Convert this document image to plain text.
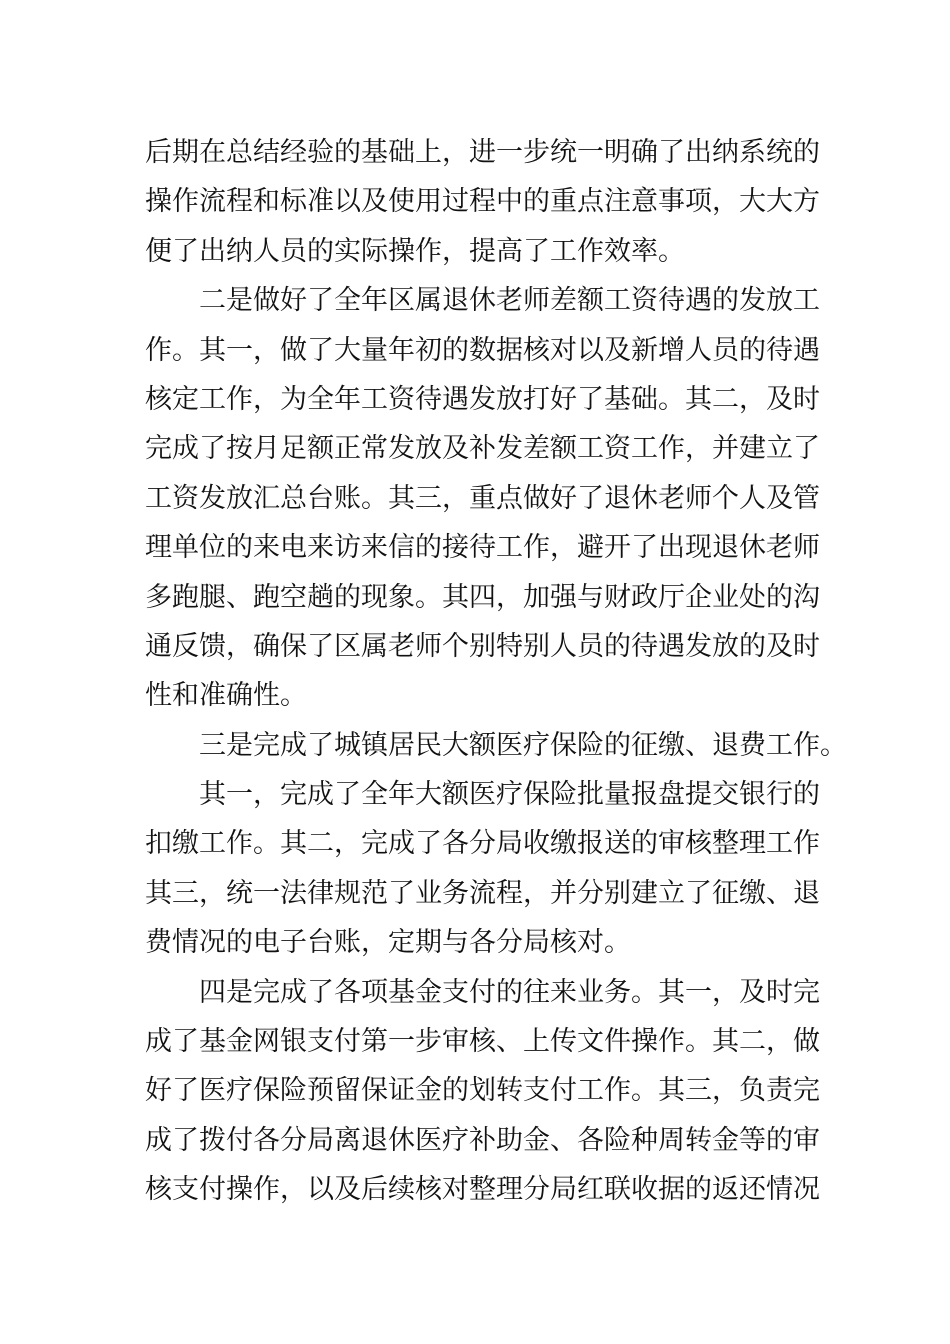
后期在总结经验的基础上，进一步统一明确了出纳系统的
操作流程和标准以及使用过程中的重点注意事项，大大方
便了出纳人员的实际操作，提高了工作效率。
二是做好了全年区属退休老师差额工资待遇的发放工
作。其一，做了大量年初的数据核对以及新增人员的待遇
核定工作，为全年工资待遇发放打好了基础。其二，及时
完成了按月足额正常发放及补发差额工资工作，并建立了
工资发放汇总台账。其三，重点做好了退休老师个人及管
理单位的来电来访来信的接待工作，避开了出现退休老师
多跑腿、跑空趟的现象。其四，加强与财政厅企业处的沟
通反馈，确保了区属老师个别特别人员的待遇发放的及时
性和准确性。
三是完成了城镇居民大额医疗保险的征缴、退费工作。
其一，完成了全年大额医疗保险批量报盘提交银行的
扣缴工作。其二，完成了各分局收缴报送的审核整理工作
其三，统一法律规范了业务流程，并分别建立了征缴、退
费情况的电子台账，定期与各分局核对。
四是完成了各项基金支付的往来业务。其一，及时完
成了基金网银支付第一步审核、上传文件操作。其二，做
好了医疗保险预留保证金的划转支付工作。其三，负责完
成了拨付各分局离退休医疗补助金、各险种周转金等的审
核支付操作，以及后续核对整理分局红联收据的返还情况
